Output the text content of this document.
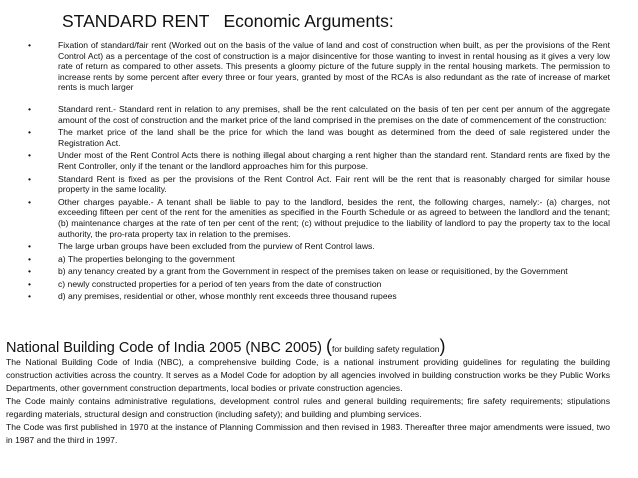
STANDARD RENT Economic Arguments:
•	Fixation of standard/fair rent (Worked out on the basis of the value of land and cost of construction when built, as per the provisions of the Rent Control Act) as a percentage of the cost of construction is a major disincentive for those wanting to invest in rental housing as it gives a very low rate of return as compared to other assets. This presents a gloomy picture of the future supply in the rental housing markets. The permission to increase rents by some percent after every three or four years, granted by most of the RCAs is also redundant as the rate of increase of market rents is much larger
•	Standard rent.- Standard rent in relation to any premises, shall be the rent calculated on the basis of ten per cent per annum of the aggregate amount of the cost of construction and the market price of the land comprised in the premises on the date of commencement of the construction:
•	The market price of the land shall be the price for which the land was bought as determined from the deed of sale registered under the Registration Act.
•	Under most of the Rent Control Acts there is nothing illegal about charging a rent higher than the standard rent. Standard rents are fixed by the Rent Controller, only if the tenant or the landlord approaches him for this purpose.
•	Standard Rent is fixed as per the provisions of the Rent Control Act. Fair rent will be the rent that is reasonably charged for similar house property in the same locality.
•	Other charges payable.- A tenant shall be liable to pay to the landlord, besides the rent, the following charges, namely:- (a) charges, not exceeding fifteen per cent of the rent for the amenities as specified in the Fourth Schedule or as agreed to between the landlord and the tenant; (b) maintenance charges at the rate of ten per cent of the rent; (c) without prejudice to the liability of landlord to pay the property tax to the local authority, the pro-rata property tax in relation to the premises.
•	The large urban groups have been excluded from the purview of Rent Control laws.
•	a) The properties belonging to the government
•	b) any tenancy created by a grant from the Government in respect of the premises taken on lease or requisitioned, by the Government
•	c) newly constructed properties for a period of ten years from the date of construction
•	d) any premises, residential or other, whose monthly rent exceeds three thousand rupees
National Building Code of India 2005 (NBC 2005) (for building safety regulation)

The National Building Code of India (NBC), a comprehensive building Code, is a national instrument providing guidelines for regulating the building construction activities across the country. It serves as a Model Code for adoption by all agencies involved in building construction works be they Public Works Departments, other government construction departments, local bodies or private construction agencies.

The Code mainly contains administrative regulations, development control rules and general building requirements; fire safety requirements; stipulations regarding materials, structural design and construction (including safety); and building and plumbing services.

The Code was first published in 1970 at the instance of Planning Commission and then revised in 1983. Thereafter three major amendments were issued, two in 1987 and the third in 1997.
